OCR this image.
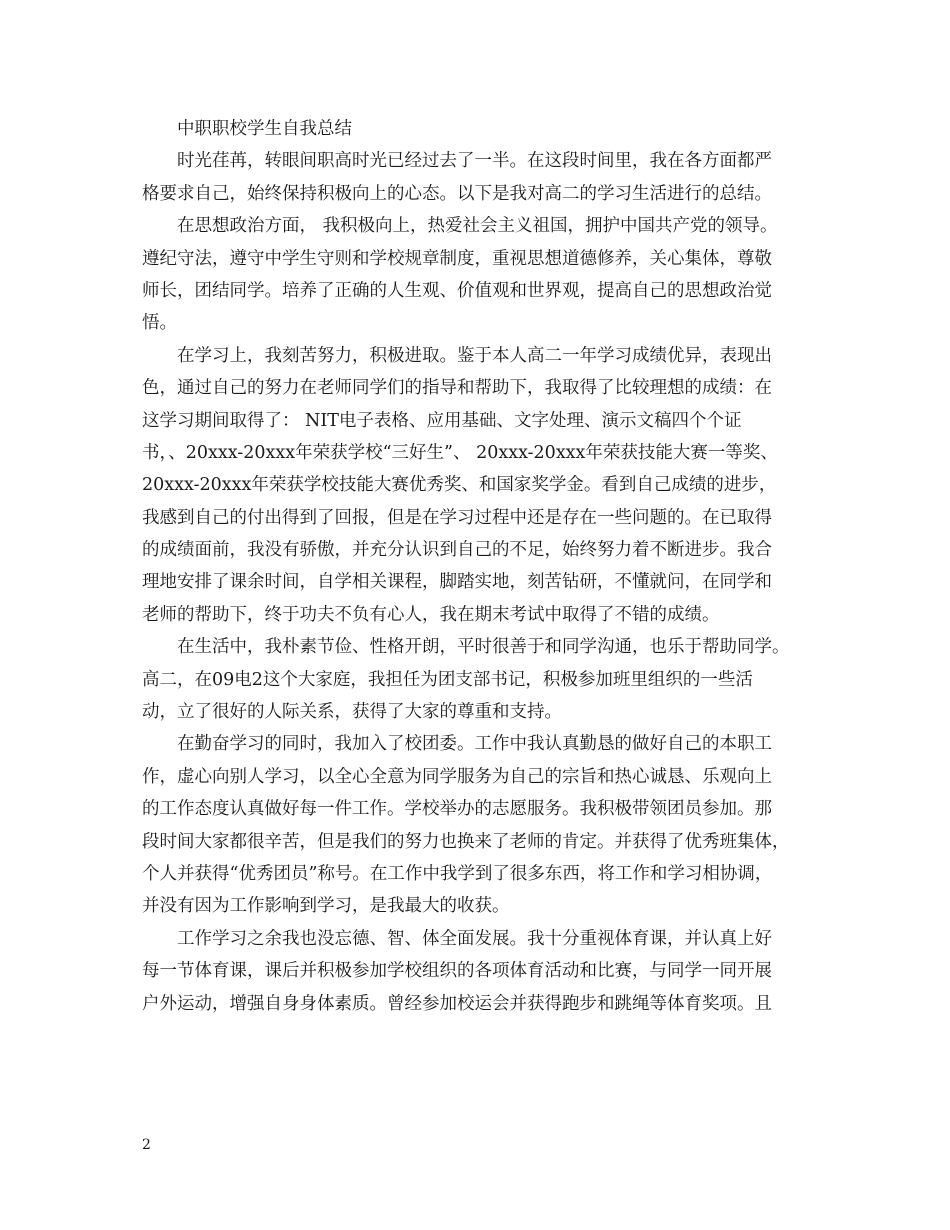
中职职校学生自我总结
时光荏苒，转眼间职高时光已经过去了一半。在这段时间里，我在各方面都严
格要求自己，始终保持积极向上的心态。以下是我对高二的学习生活进行的总结。
在思想政治方面， 我积极向上，热爱社会主义祖国，拥护中国共产党的领导。
遵纪守法，遵守中学生守则和学校规章制度，重视思想道德修养，关心集体，尊敬
师长，团结同学。培养了正确的人生观、价值观和世界观，提高自己的思想政治觉
悟。
在学习上，我刻苦努力，积极进取。鉴于本人高二一年学习成绩优异，表现出
色，通过自己的努力在老师同学们的指导和帮助下，我取得了比较理想的成绩：在
这学习期间取得了： NIT电子表格、应用基础、文字处理、演示文稿四个个证
书，、20xxx-20xxx年荣获学校“三好生”、 20xxx-20xxx年荣获技能大赛一等奖、
20xxx-20xxx年荣获学校技能大赛优秀奖、和国家奖学金。看到自己成绩的进步，
我感到自己的付出得到了回报，但是在学习过程中还是存在一些问题的。在已取得
的成绩面前，我没有骄傲，并充分认识到自己的不足，始终努力着不断进步。我合
理地安排了课余时间，自学相关课程，脚踏实地，刻苦钻研，不懂就问，在同学和
老师的帮助下，终于功夫不负有心人，我在期末考试中取得了不错的成绩。
在生活中，我朴素节俭、性格开朗，平时很善于和同学沟通，也乐于帮助同学。
高二，在09电2这个大家庭，我担任为团支部书记，积极参加班里组织的一些活
动，立了很好的人际关系，获得了大家的尊重和支持。
在勤奋学习的同时，我加入了校团委。工作中我认真勤恳的做好自己的本职工
作，虚心向别人学习，以全心全意为同学服务为自己的宗旨和热心诚恳、乐观向上
的工作态度认真做好每一件工作。学校举办的志愿服务。我积极带领团员参加。那
段时间大家都很辛苦，但是我们的努力也换来了老师的肯定。并获得了优秀班集体，
个人并获得“优秀团员”称号。在工作中我学到了很多东西，将工作和学习相协调，
并没有因为工作影响到学习，是我最大的收获。
工作学习之余我也没忘德、智、体全面发展。我十分重视体育课，并认真上好
每一节体育课，课后并积极参加学校组织的各项体育活动和比赛，与同学一同开展
户外运动，增强自身身体素质。曾经参加校运会并获得跑步和跳绳等体育奖项。且
2
